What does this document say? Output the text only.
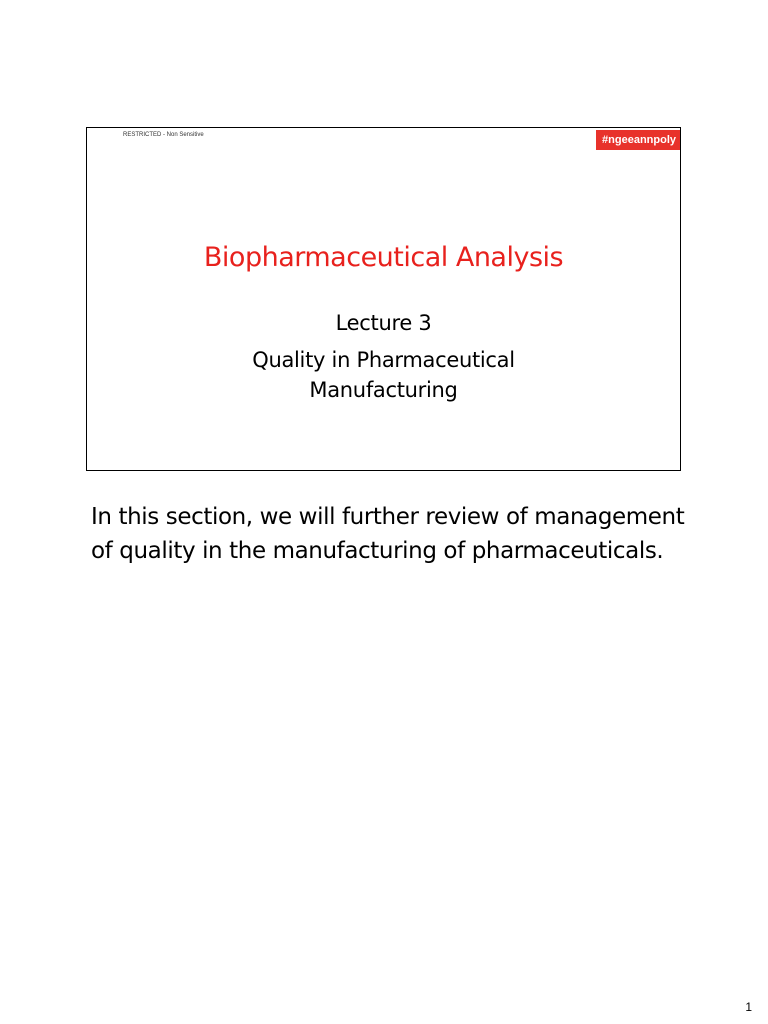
RESTRICTED - Non Sensitive	#ngeeannpoly
Biopharmaceutical Analysis
Lecture 3
Quality in Pharmaceutical
Manufacturing
In this section, we will further review of management of quality in the manufacturing of pharmaceuticals.
1
